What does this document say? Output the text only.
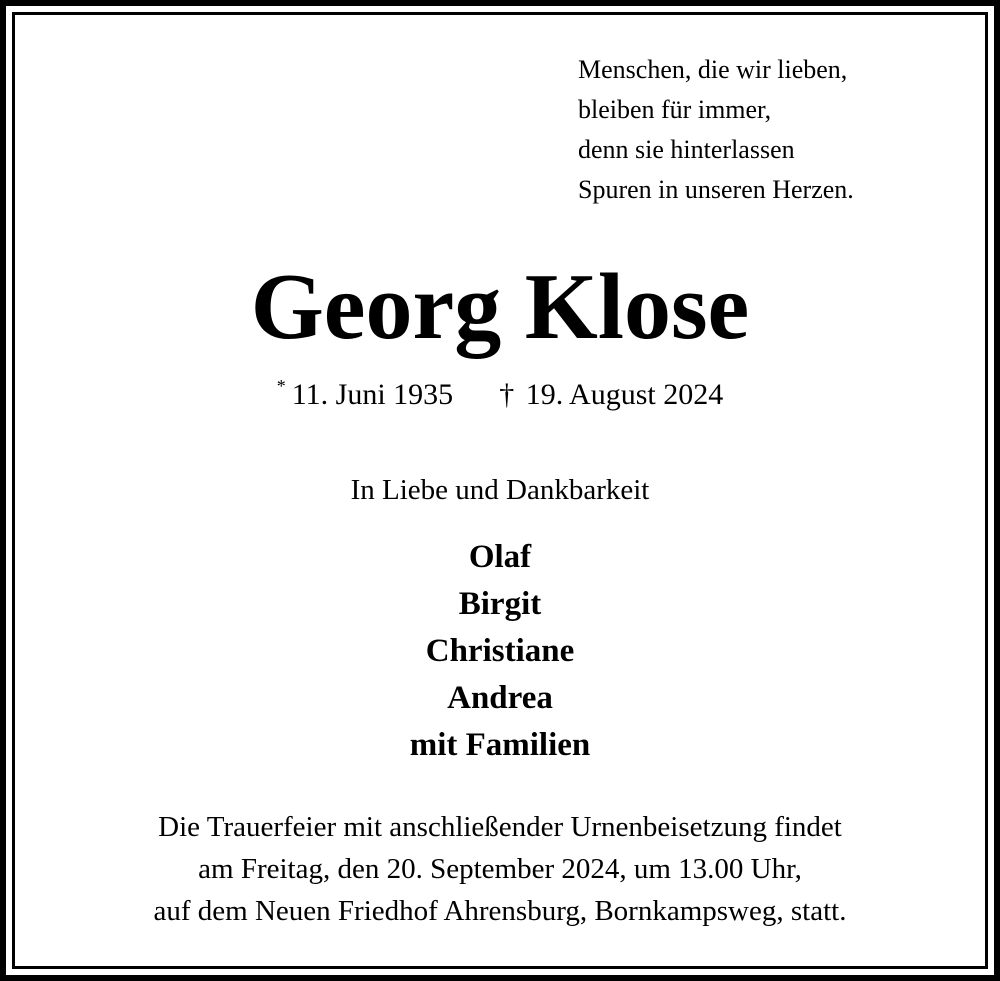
Menschen, die wir lieben,
bleiben für immer,
denn sie hinterlassen
Spuren in unseren Herzen.
Georg Klose
* 11. Juni 1935 † 19. August 2024
In Liebe und Dankbarkeit
Olaf
Birgit
Christiane
Andrea
mit Familien
Die Trauerfeier mit anschließender Urnenbeisetzung findet
am Freitag, den 20. September 2024, um 13.00 Uhr,
auf dem Neuen Friedhof Ahrensburg, Bornkampsweg, statt.
